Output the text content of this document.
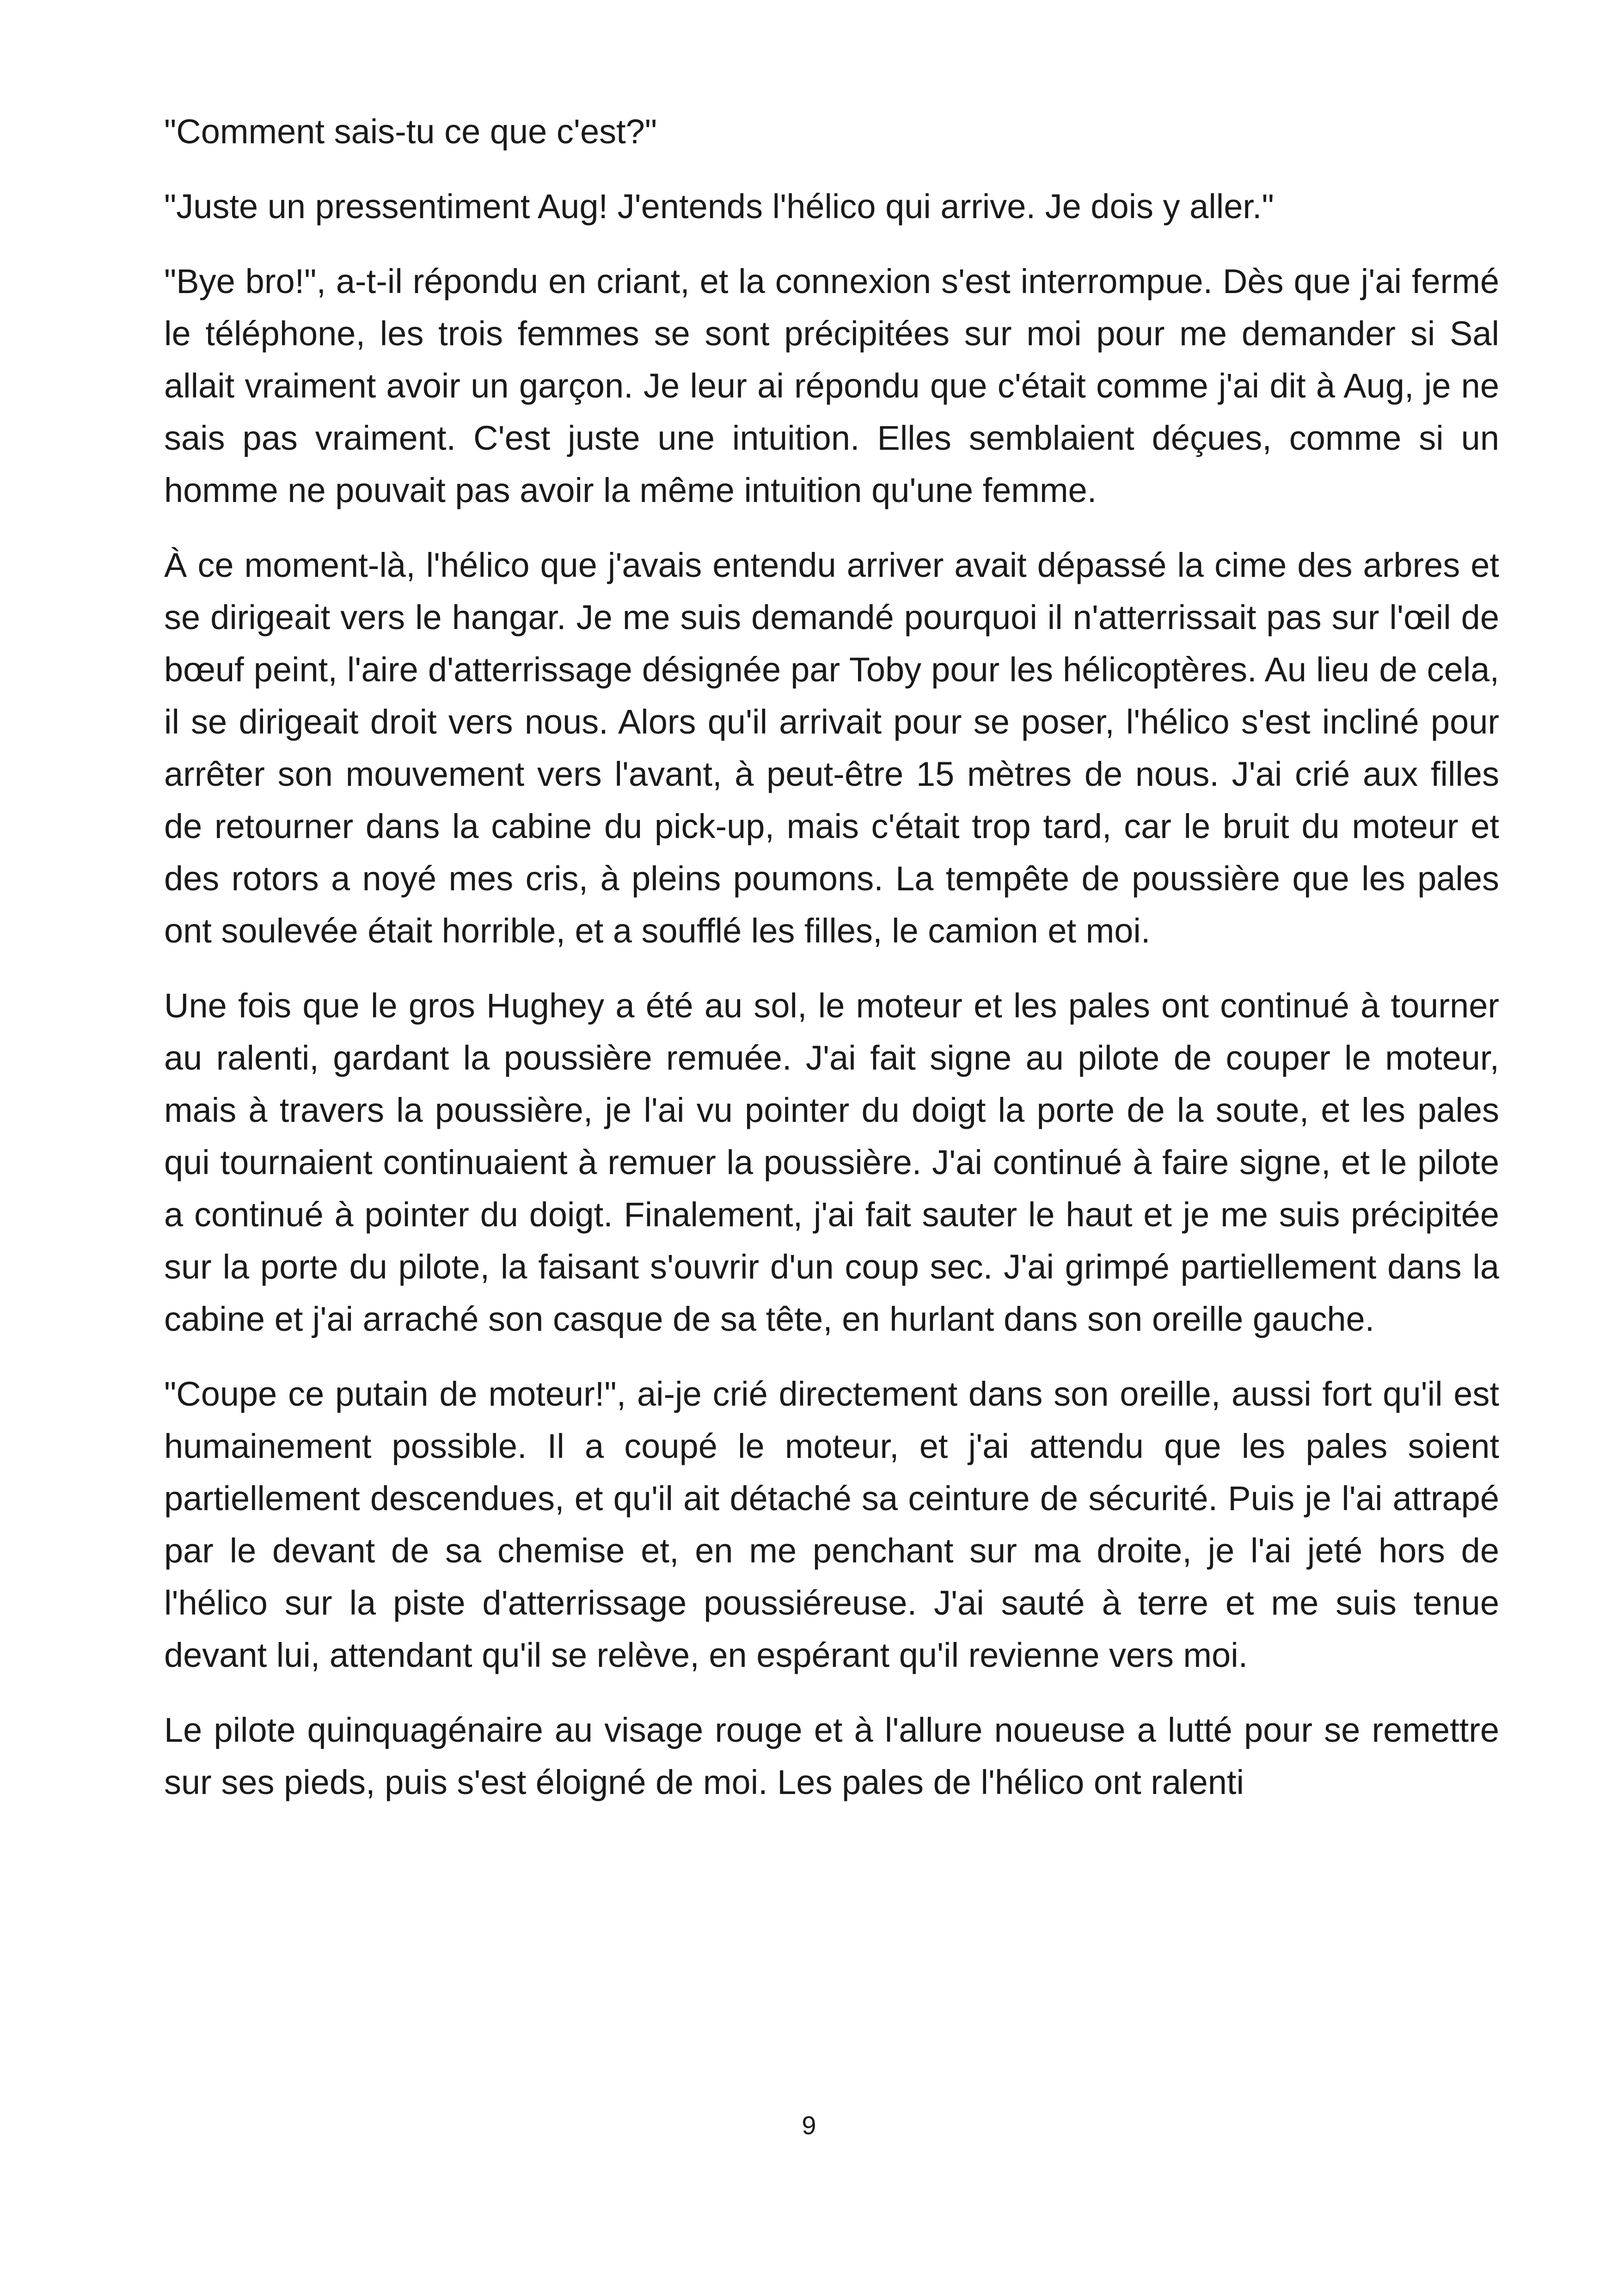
"Comment sais-tu ce que c'est?"

"Juste un pressentiment Aug! J'entends l'hélico qui arrive. Je dois y aller."

"Bye bro!", a-t-il répondu en criant, et la connexion s'est interrompue. Dès que j'ai fermé le téléphone, les trois femmes se sont précipitées sur moi pour me demander si Sal allait vraiment avoir un garçon. Je leur ai répondu que c'était comme j'ai dit à Aug, je ne sais pas vraiment. C'est juste une intuition. Elles semblaient déçues, comme si un homme ne pouvait pas avoir la même intuition qu'une femme.

À ce moment-là, l'hélico que j'avais entendu arriver avait dépassé la cime des arbres et se dirigeait vers le hangar. Je me suis demandé pourquoi il n'atterrissait pas sur l'œil de bœuf peint, l'aire d'atterrissage désignée par Toby pour les hélicoptères. Au lieu de cela, il se dirigeait droit vers nous. Alors qu'il arrivait pour se poser, l'hélico s'est incliné pour arrêter son mouvement vers l'avant, à peut-être 15 mètres de nous. J'ai crié aux filles de retourner dans la cabine du pick-up, mais c'était trop tard, car le bruit du moteur et des rotors a noyé mes cris, à pleins poumons. La tempête de poussière que les pales ont soulevée était horrible, et a soufflé les filles, le camion et moi.

Une fois que le gros Hughey a été au sol, le moteur et les pales ont continué à tourner au ralenti, gardant la poussière remuée. J'ai fait signe au pilote de couper le moteur, mais à travers la poussière, je l'ai vu pointer du doigt la porte de la soute, et les pales qui tournaient continuaient à remuer la poussière. J'ai continué à faire signe, et le pilote a continué à pointer du doigt. Finalement, j'ai fait sauter le haut et je me suis précipitée sur la porte du pilote, la faisant s'ouvrir d'un coup sec. J'ai grimpé partiellement dans la cabine et j'ai arraché son casque de sa tête, en hurlant dans son oreille gauche.

"Coupe ce putain de moteur!", ai-je crié directement dans son oreille, aussi fort qu'il est humainement possible. Il a coupé le moteur, et j'ai attendu que les pales soient partiellement descendues, et qu'il ait détaché sa ceinture de sécurité. Puis je l'ai attrapé par le devant de sa chemise et, en me penchant sur ma droite, je l'ai jeté hors de l'hélico sur la piste d'atterrissage poussiéreuse. J'ai sauté à terre et me suis tenue devant lui, attendant qu'il se relève, en espérant qu'il revienne vers moi.

Le pilote quinquagénaire au visage rouge et à l'allure noueuse a lutté pour se remettre sur ses pieds, puis s'est éloigné de moi. Les pales de l'hélico ont ralenti

9
